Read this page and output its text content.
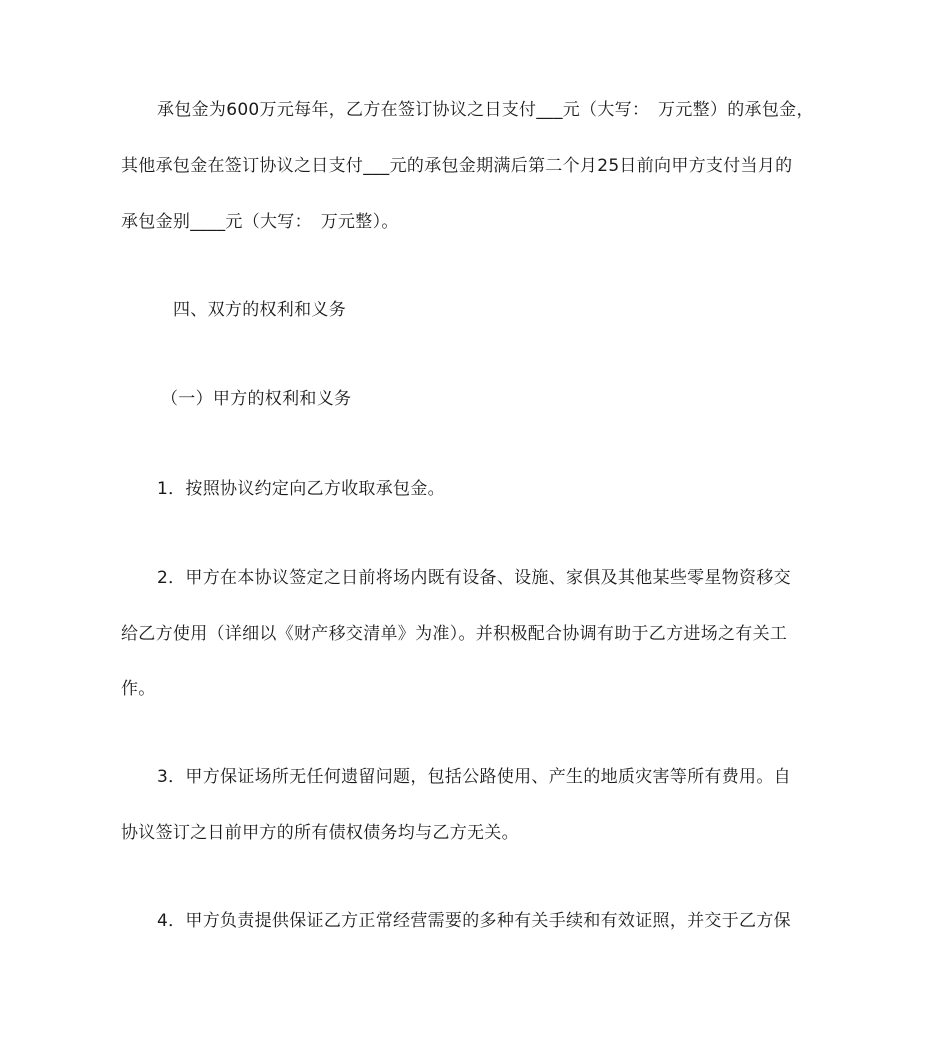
承包金为600万元每年，乙方在签订协议之日支付___元（大写：　万元整）的承包金，
其他承包金在签订协议之日支付___元的承包金期满后第二个月25日前向甲方支付当月的
承包金别____元（大写：　万元整）。
四、双方的权利和义务
（一）甲方的权利和义务
1．按照协议约定向乙方收取承包金。
2．甲方在本协议签定之日前将场内既有设备、设施、家俱及其他某些零星物资移交
给乙方使用（详细以《财产移交清单》为准）。并积极配合协调有助于乙方进场之有关工
作。
3．甲方保证场所无任何遗留问题，包括公路使用、产生的地质灾害等所有费用。自
协议签订之日前甲方的所有债权债务均与乙方无关。
4．甲方负责提供保证乙方正常经营需要的多种有关手续和有效证照，并交于乙方保
